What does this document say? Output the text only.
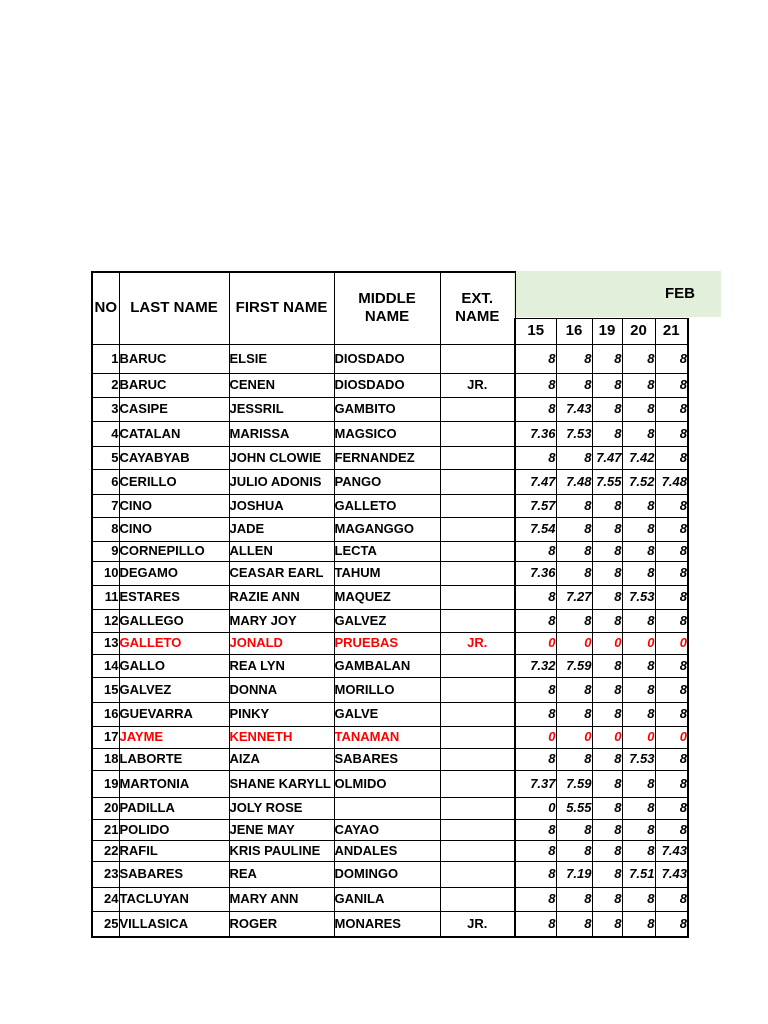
FEB
NO	LAST NAME	FIRST NAME	MIDDLE NAME	EXT. NAME					
					15	16	19	20	21
1	BARUC	ELSIE	DIOSDADO		8	8	8	8	8
2	BARUC	CENEN	DIOSDADO	JR.	8	8	8	8	8
3	CASIPE	JESSRIL	GAMBITO		8	7.43	8	8	8
4	CATALAN	MARISSA	MAGSICO		7.36	7.53	8	8	8
5	CAYABYAB	JOHN CLOWIE	FERNANDEZ		8	8	7.47	7.42	8
6	CERILLO	JULIO ADONIS	PANGO		7.47	7.48	7.55	7.52	7.48
7	CINO	JOSHUA	GALLETO		7.57	8	8	8	8
8	CINO	JADE	MAGANGGO		7.54	8	8	8	8
9	CORNEPILLO	ALLEN	LECTA		8	8	8	8	8
10	DEGAMO	CEASAR EARL	TAHUM		7.36	8	8	8	8
11	ESTARES	RAZIE ANN	MAQUEZ		8	7.27	8	7.53	8
12	GALLEGO	MARY JOY	GALVEZ		8	8	8	8	8
13	GALLETO	JONALD	PRUEBAS	JR.	0	0	0	0	0
14	GALLO	REA LYN	GAMBALAN		7.32	7.59	8	8	8
15	GALVEZ	DONNA	MORILLO		8	8	8	8	8
16	GUEVARRA	PINKY	GALVE		8	8	8	8	8
17	JAYME	KENNETH	TANAMAN		0	0	0	0	0
18	LABORTE	AIZA	SABARES		8	8	8	7.53	8
19	MARTONIA	SHANE KARYLL	OLMIDO		7.37	7.59	8	8	8
20	PADILLA	JOLY ROSE			0	5.55	8	8	8
21	POLIDO	JENE MAY	CAYAO		8	8	8	8	8
22	RAFIL	KRIS PAULINE	ANDALES		8	8	8	8	7.43
23	SABARES	REA	DOMINGO		8	7.19	8	7.51	7.43
24	TACLUYAN	MARY ANN	GANILA		8	8	8	8	8
25	VILLASICA	ROGER	MONARES	JR.	8	8	8	8	8
